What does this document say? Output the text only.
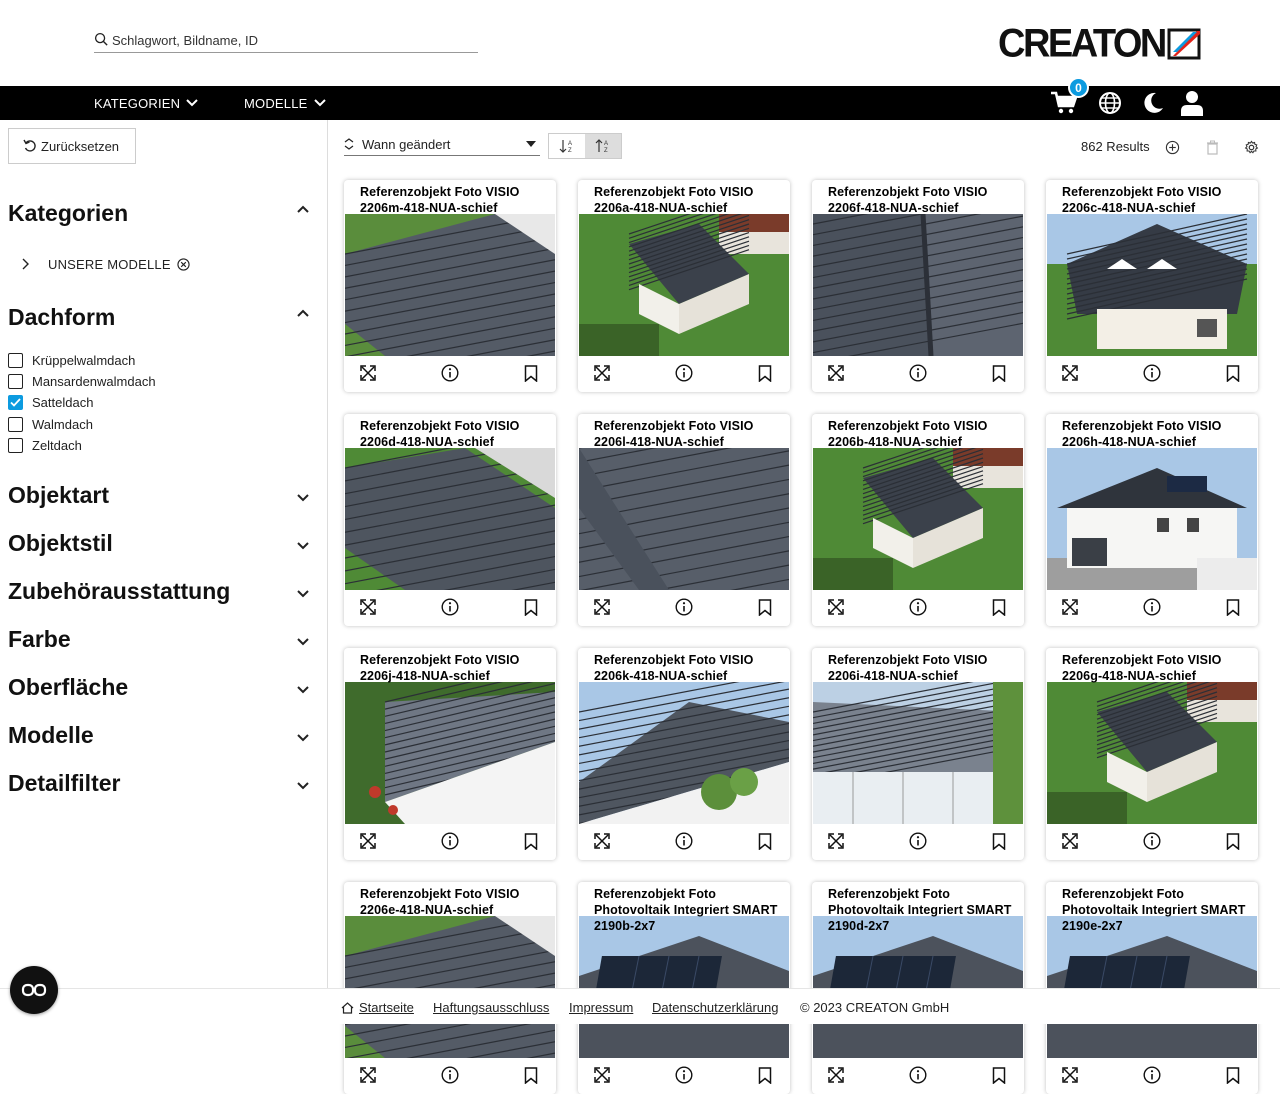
Schlagwort, Bildname, ID
CREATON
KATEGORIEN	MODELLE
0
Zurücksetzen
Kategorien
UNSERE MODELLE
Dachform
Krüppelwalmdach
Mansardenwalmdach
Satteldach
Walmdach
Zeltdach
Objektart
Objektstil
Zubehörausstattung
Farbe
Oberfläche
Modelle
Detailfilter
Wann geändert	A
Z
A
Z	862 Results
Referenzobjekt Foto VISIO 2206m-418-NUA-schief
Referenzobjekt Foto VISIO 2206a-418-NUA-schief
Referenzobjekt Foto VISIO 2206f-418-NUA-schief
Referenzobjekt Foto VISIO 2206c-418-NUA-schief
Referenzobjekt Foto VISIO 2206d-418-NUA-schief
Referenzobjekt Foto VISIO 2206l-418-NUA-schief
Referenzobjekt Foto VISIO 2206b-418-NUA-schief
Referenzobjekt Foto VISIO 2206h-418-NUA-schief
Referenzobjekt Foto VISIO 2206j-418-NUA-schief
Referenzobjekt Foto VISIO 2206k-418-NUA-schief
Referenzobjekt Foto VISIO 2206i-418-NUA-schief
Referenzobjekt Foto VISIO 2206g-418-NUA-schief
Referenzobjekt Foto VISIO 2206e-418-NUA-schief
Referenzobjekt Foto Photovoltaik Integriert SMART 2190b-2x7
Referenzobjekt Foto Photovoltaik Integriert SMART 2190d-2x7
Referenzobjekt Foto Photovoltaik Integriert SMART 2190e-2x7
Startseite Haftungsausschluss Impressum Datenschutzerklärung © 2023 CREATON GmbH
